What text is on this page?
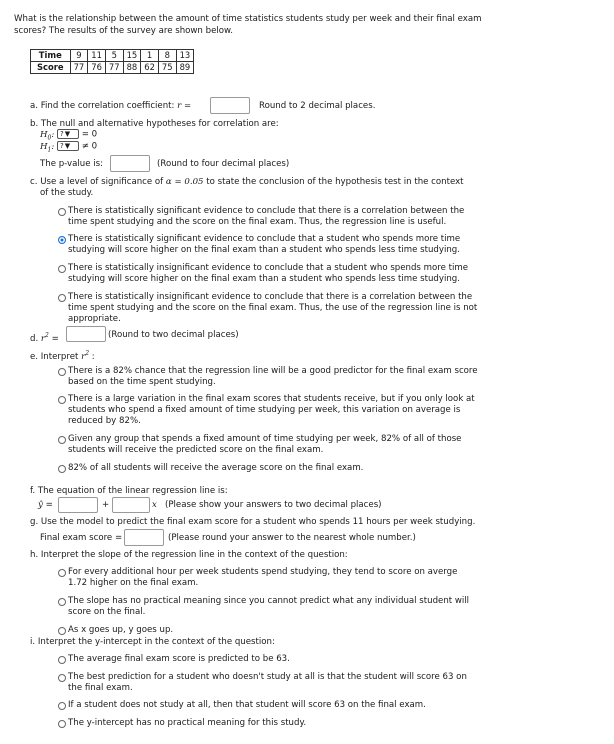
What is the relationship between the amount of time statistics students study per week and their final exam scores? The results of the survey are shown below.
Time	9	11	5	15	1	8	13
Score	77	76	77	88	62	75	89
a. Find the correlation coefficient: r =	Round to 2 decimal places.
b. The null and alternative hypotheses for correlation are:
$H_0$: ?▼ = 0
$H_1$: ?▼ ≠ 0
The p-value is:	(Round to four decimal places)
c. Use a level of significance of α = 0.05 to state the conclusion of the hypothesis test in the context
of the study.
There is statistically significant evidence to conclude that there is a correlation between the time spent studying and the score on the final exam. Thus, the regression line is useful.
There is statistically significant evidence to conclude that a student who spends more time studying will score higher on the final exam than a student who spends less time studying.
There is statistically insignificant evidence to conclude that a student who spends more time studying will score higher on the final exam than a student who spends less time studying.
There is statistically insignificant evidence to conclude that there is a correlation between the time spent studying and the score on the final exam. Thus, the use of the regression line is not appropriate.
d. $r^2$ =	(Round to two decimal places)
e. Interpret $r^2$ :
There is a 82% chance that the regression line will be a good predictor for the final exam score based on the time spent studying.
There is a large variation in the final exam scores that students receive, but if you only look at students who spend a fixed amount of time studying per week, this variation on average is reduced by 82%.
Given any group that spends a fixed amount of time studying per week, 82% of all of those students will receive the predicted score on the final exam.
82% of all students will receive the average score on the final exam.
f. The equation of the linear regression line is:
ŷ =	+	x (Please show your answers to two decimal places)
g. Use the model to predict the final exam score for a student who spends 11 hours per week studying.
Final exam score =	(Please round your answer to the nearest whole number.)
h. Interpret the slope of the regression line in the context of the question:
For every additional hour per week students spend studying, they tend to score on averge 1.72 higher on the final exam.
The slope has no practical meaning since you cannot predict what any individual student will score on the final.
As x goes up, y goes up.
i. Interpret the y-intercept in the context of the question:
The average final exam score is predicted to be 63.
The best prediction for a student who doesn't study at all is that the student will score 63 on the final exam.
If a student does not study at all, then that student will score 63 on the final exam.
The y-intercept has no practical meaning for this study.
